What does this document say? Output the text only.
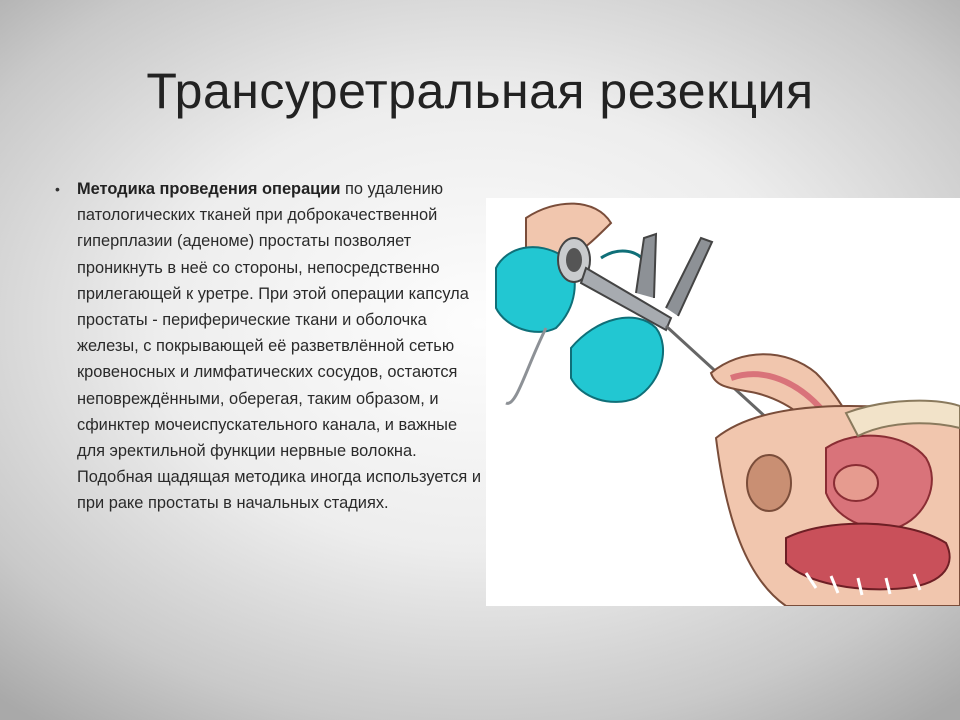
Трансуретральная резекция
• Методика проведения операции по удалению патологических тканей при доброкачественной гиперплазии (аденоме) простаты позволяет проникнуть в неё со стороны, непосредственно прилегающей к уретре. При этой операции капсула простаты - периферические ткани и оболочка железы, с покрывающей её разветвлённой сетью кровеносных и лимфатических сосудов, остаются неповреждёнными, оберегая, таким образом, и сфинктер мочеиспускательного канала, и важные для эректильной функции нервные волокна. Подобная щадящая методика иногда используется и при раке простаты в начальных стадиях.
